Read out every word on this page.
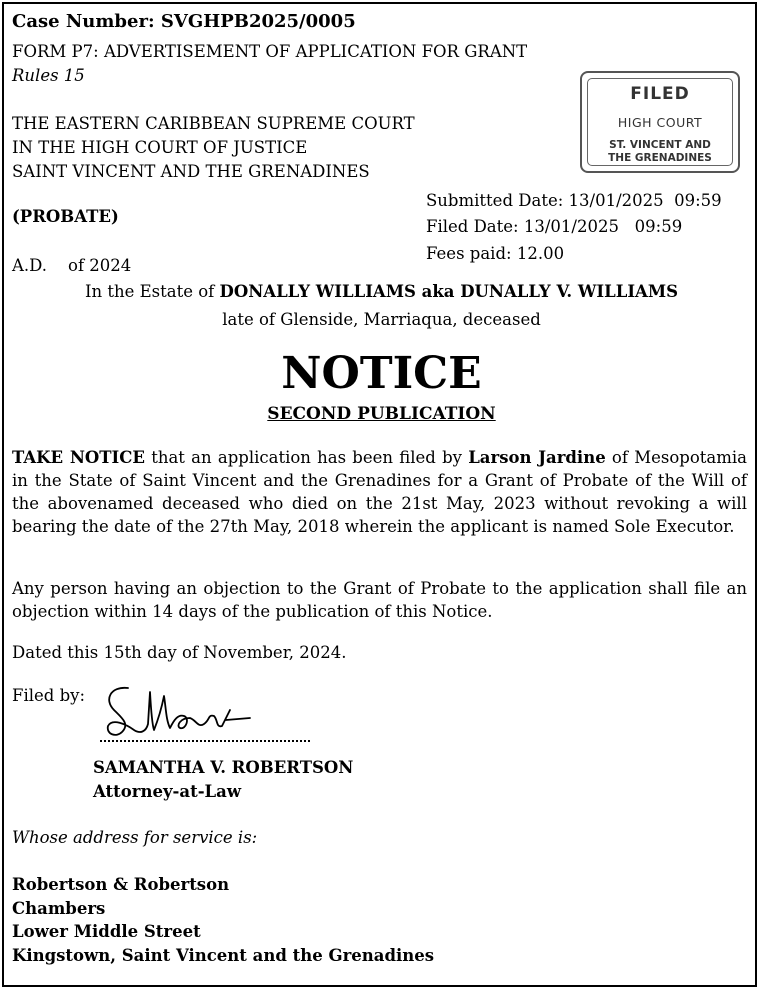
Case Number: SVGHPB2025/0005
FORM P7: ADVERTISEMENT OF APPLICATION FOR GRANT
Rules 15
FILED
HIGH COURT
ST. VINCENT AND
THE GRENADINES
THE EASTERN CARIBBEAN SUPREME COURT
IN THE HIGH COURT OF JUSTICE
SAINT VINCENT AND THE GRENADINES
Submitted Date: 13/01/2025  09:59
Filed Date: 13/01/2025   09:59
Fees paid: 12.00
(PROBATE)
A.D.    of 2024
In the Estate of DONALLY WILLIAMS aka DUNALLY V. WILLIAMS
late of Glenside, Marriaqua, deceased
NOTICE
SECOND PUBLICATION
TAKE NOTICE that an application has been filed by Larson Jardine of Mesopotamia in the State of Saint Vincent and the Grenadines for a Grant of Probate of the Will of the abovenamed deceased who died on the 21st May, 2023 without revoking a will bearing the date of the 27th May, 2018 wherein the applicant is named Sole Executor.
Any person having an objection to the Grant of Probate to the application shall file an objection within 14 days of the publication of this Notice.
Dated this 15th day of November, 2024.
Filed by:
SAMANTHA V. ROBERTSON
Attorney-at-Law
Whose address for service is:
Robertson & Robertson
Chambers
Lower Middle Street
Kingstown, Saint Vincent and the Grenadines
